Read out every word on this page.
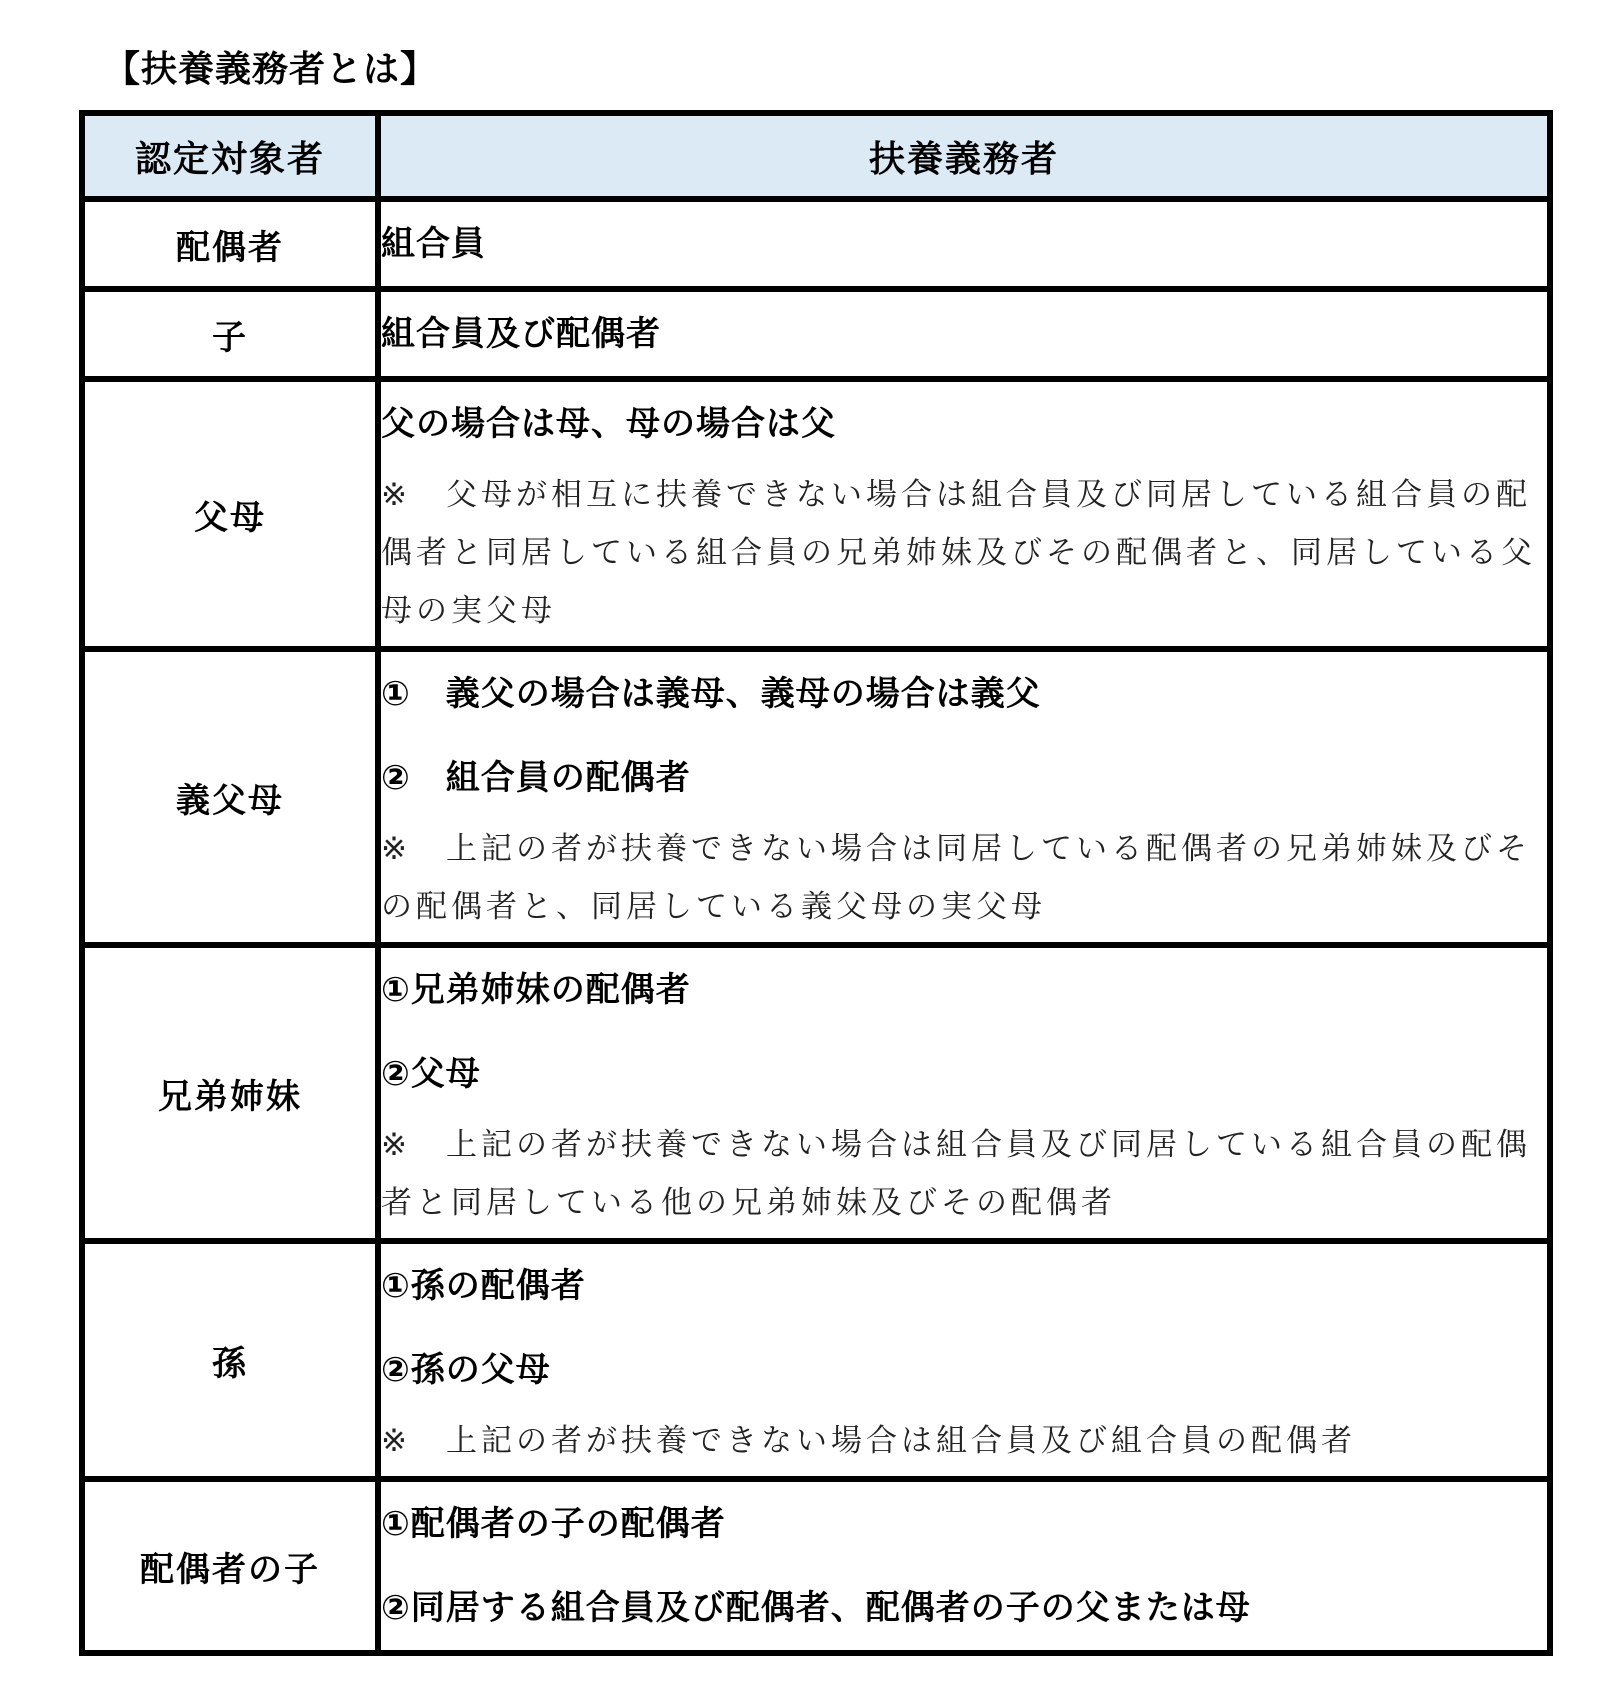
【扶養義務者とは】
認定対象者	扶養義務者
配偶者	組合員

子	組合員及び配偶者

父母	父の場合は母、母の場合は父
※　父母が相互に扶養できない場合は組合員及び同居している組合員の配偶者と同居している組合員の兄弟姉妹及びその配偶者と、同居している父母の実父母

義父母	①　義父の場合は義母、義母の場合は義父
②　組合員の配偶者
※　上記の者が扶養できない場合は同居している配偶者の兄弟姉妹及びその配偶者と、同居している義父母の実父母

兄弟姉妹	①兄弟姉妹の配偶者
②父母
※　上記の者が扶養できない場合は組合員及び同居している組合員の配偶者と同居している他の兄弟姉妹及びその配偶者

孫	①孫の配偶者
②孫の父母
※　上記の者が扶養できない場合は組合員及び組合員の配偶者

配偶者の子	①配偶者の子の配偶者
②同居する組合員及び配偶者、配偶者の子の父または母
